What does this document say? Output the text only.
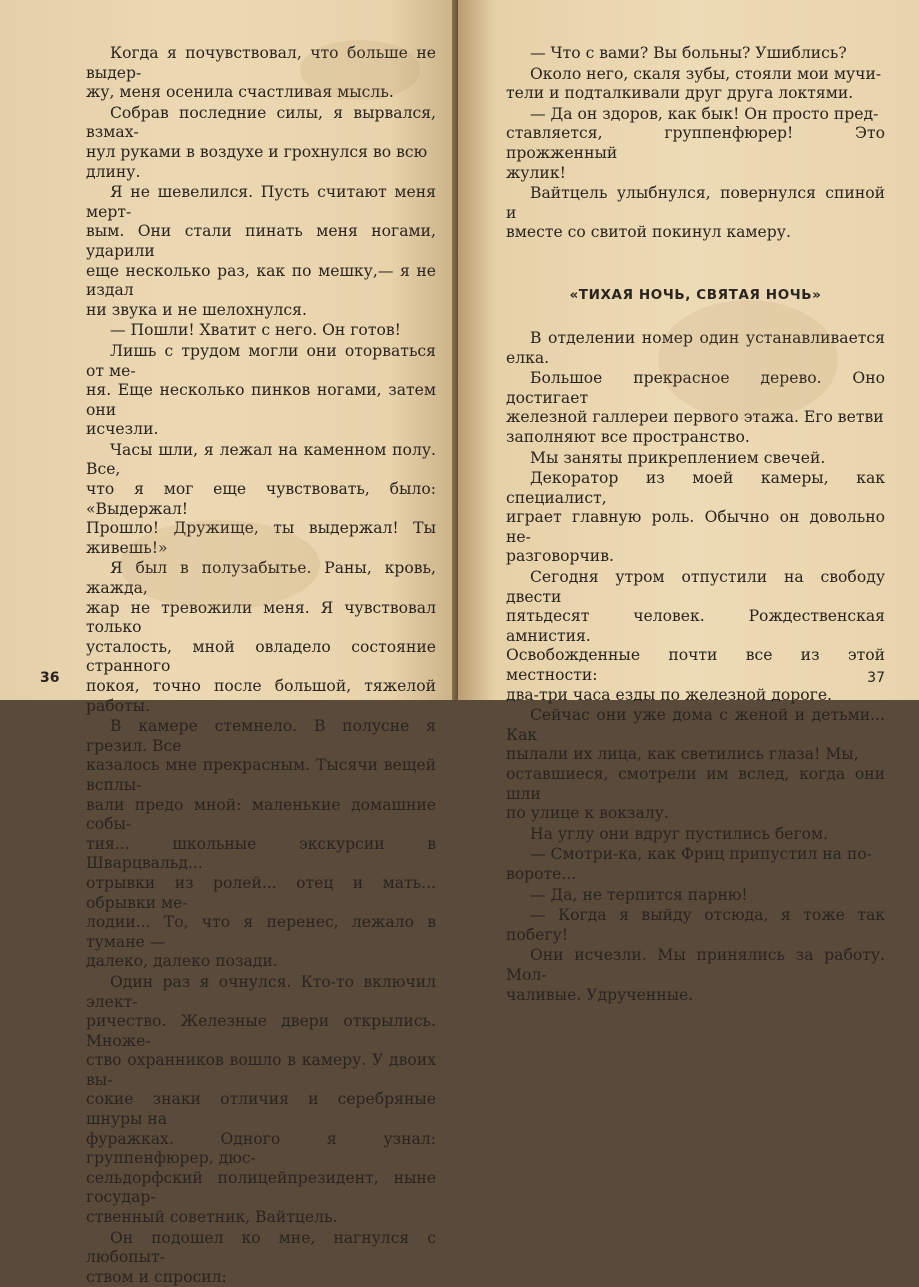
Когда я почувствовал, что больше не выдер-
жу, меня осенила счастливая мысль.

Собрав последние силы, я вырвался, взмах-
нул руками в воздухе и грохнулся во всю
длину.

Я не шевелился. Пусть считают меня мерт-
вым. Они стали пинать меня ногами, ударили
еще несколько раз, как по мешку,— я не издал
ни звука и не шелохнулся.

— Пошли! Хватит с него. Он готов!

Лишь с трудом могли они оторваться от ме-
ня. Еще несколько пинков ногами, затем они
исчезли.

Часы шли, я лежал на каменном полу. Все,
что я мог еще чувствовать, было: «Выдержал!
Прошло! Дружище, ты выдержал! Ты живешь!»

Я был в полузабытье. Раны, кровь, жажда,
жар не тревожили меня. Я чувствовал только
усталость, мной овладело состояние странного
покоя, точно после большой, тяжелой работы.

В камере стемнело. В полусне я грезил. Все
казалось мне прекрасным. Тысячи вещей всплы-
вали предо мной: маленькие домашние собы-
тия... школьные экскурсии в Шварцвальд...
отрывки из ролей... отец и мать... обрывки ме-
лодии... То, что я перенес, лежало в тумане —
далеко, далеко позади.

Один раз я очнулся. Кто-то включил элект-
ричество. Железные двери открылись. Множе-
ство охранников вошло в камеру. У двоих вы-
сокие знаки отличия и серебряные шнуры на
фуражках. Одного я узнал: группенфюрер, дюс-
сельдорфский полицейпрезидент, ныне государ-
ственный советник, Вайтцель.

Он подошел ко мне, нагнулся с любопыт-
ством и спросил:

36

— Что с вами? Вы больны? Ушиблись?

Около него, скаля зубы, стояли мои мучи-
тели и подталкивали друг друга локтями.

— Да он здоров, как бык! Он просто пред-
ставляется, группенфюрер! Это прожженный
жулик!

Вайтцель улыбнулся, повернулся спиной и
вместе со свитой покинул камеру.

«ТИХАЯ НОЧЬ, СВЯТАЯ НОЧЬ»

В отделении номер один устанавливается елка.

Большое прекрасное дерево. Оно достигает
железной галлереи первого этажа. Его ветви
заполняют все пространство.

Мы заняты прикреплением свечей.

Декоратор из моей камеры, как специалист,
играет главную роль. Обычно он довольно не-
разговорчив.

Сегодня утром отпустили на свободу двести
пятьдесят человек. Рождественская амнистия.
Освобожденные почти все из этой местности:
два-три часа езды по железной дороге.

Сейчас они уже дома с женой и детьми... Как
пылали их лица, как светились глаза! Мы,
оставшиеся, смотрели им вслед, когда они шли
по улице к вокзалу.

На углу они вдруг пустились бегом.

— Смотри-ка, как Фриц припустил на по-
вороте...

— Да, не терпится парню!

— Когда я выйду отсюда, я тоже так побегу!

Они исчезли. Мы принялись за работу. Мол-
чаливые. Удрученные.

37
